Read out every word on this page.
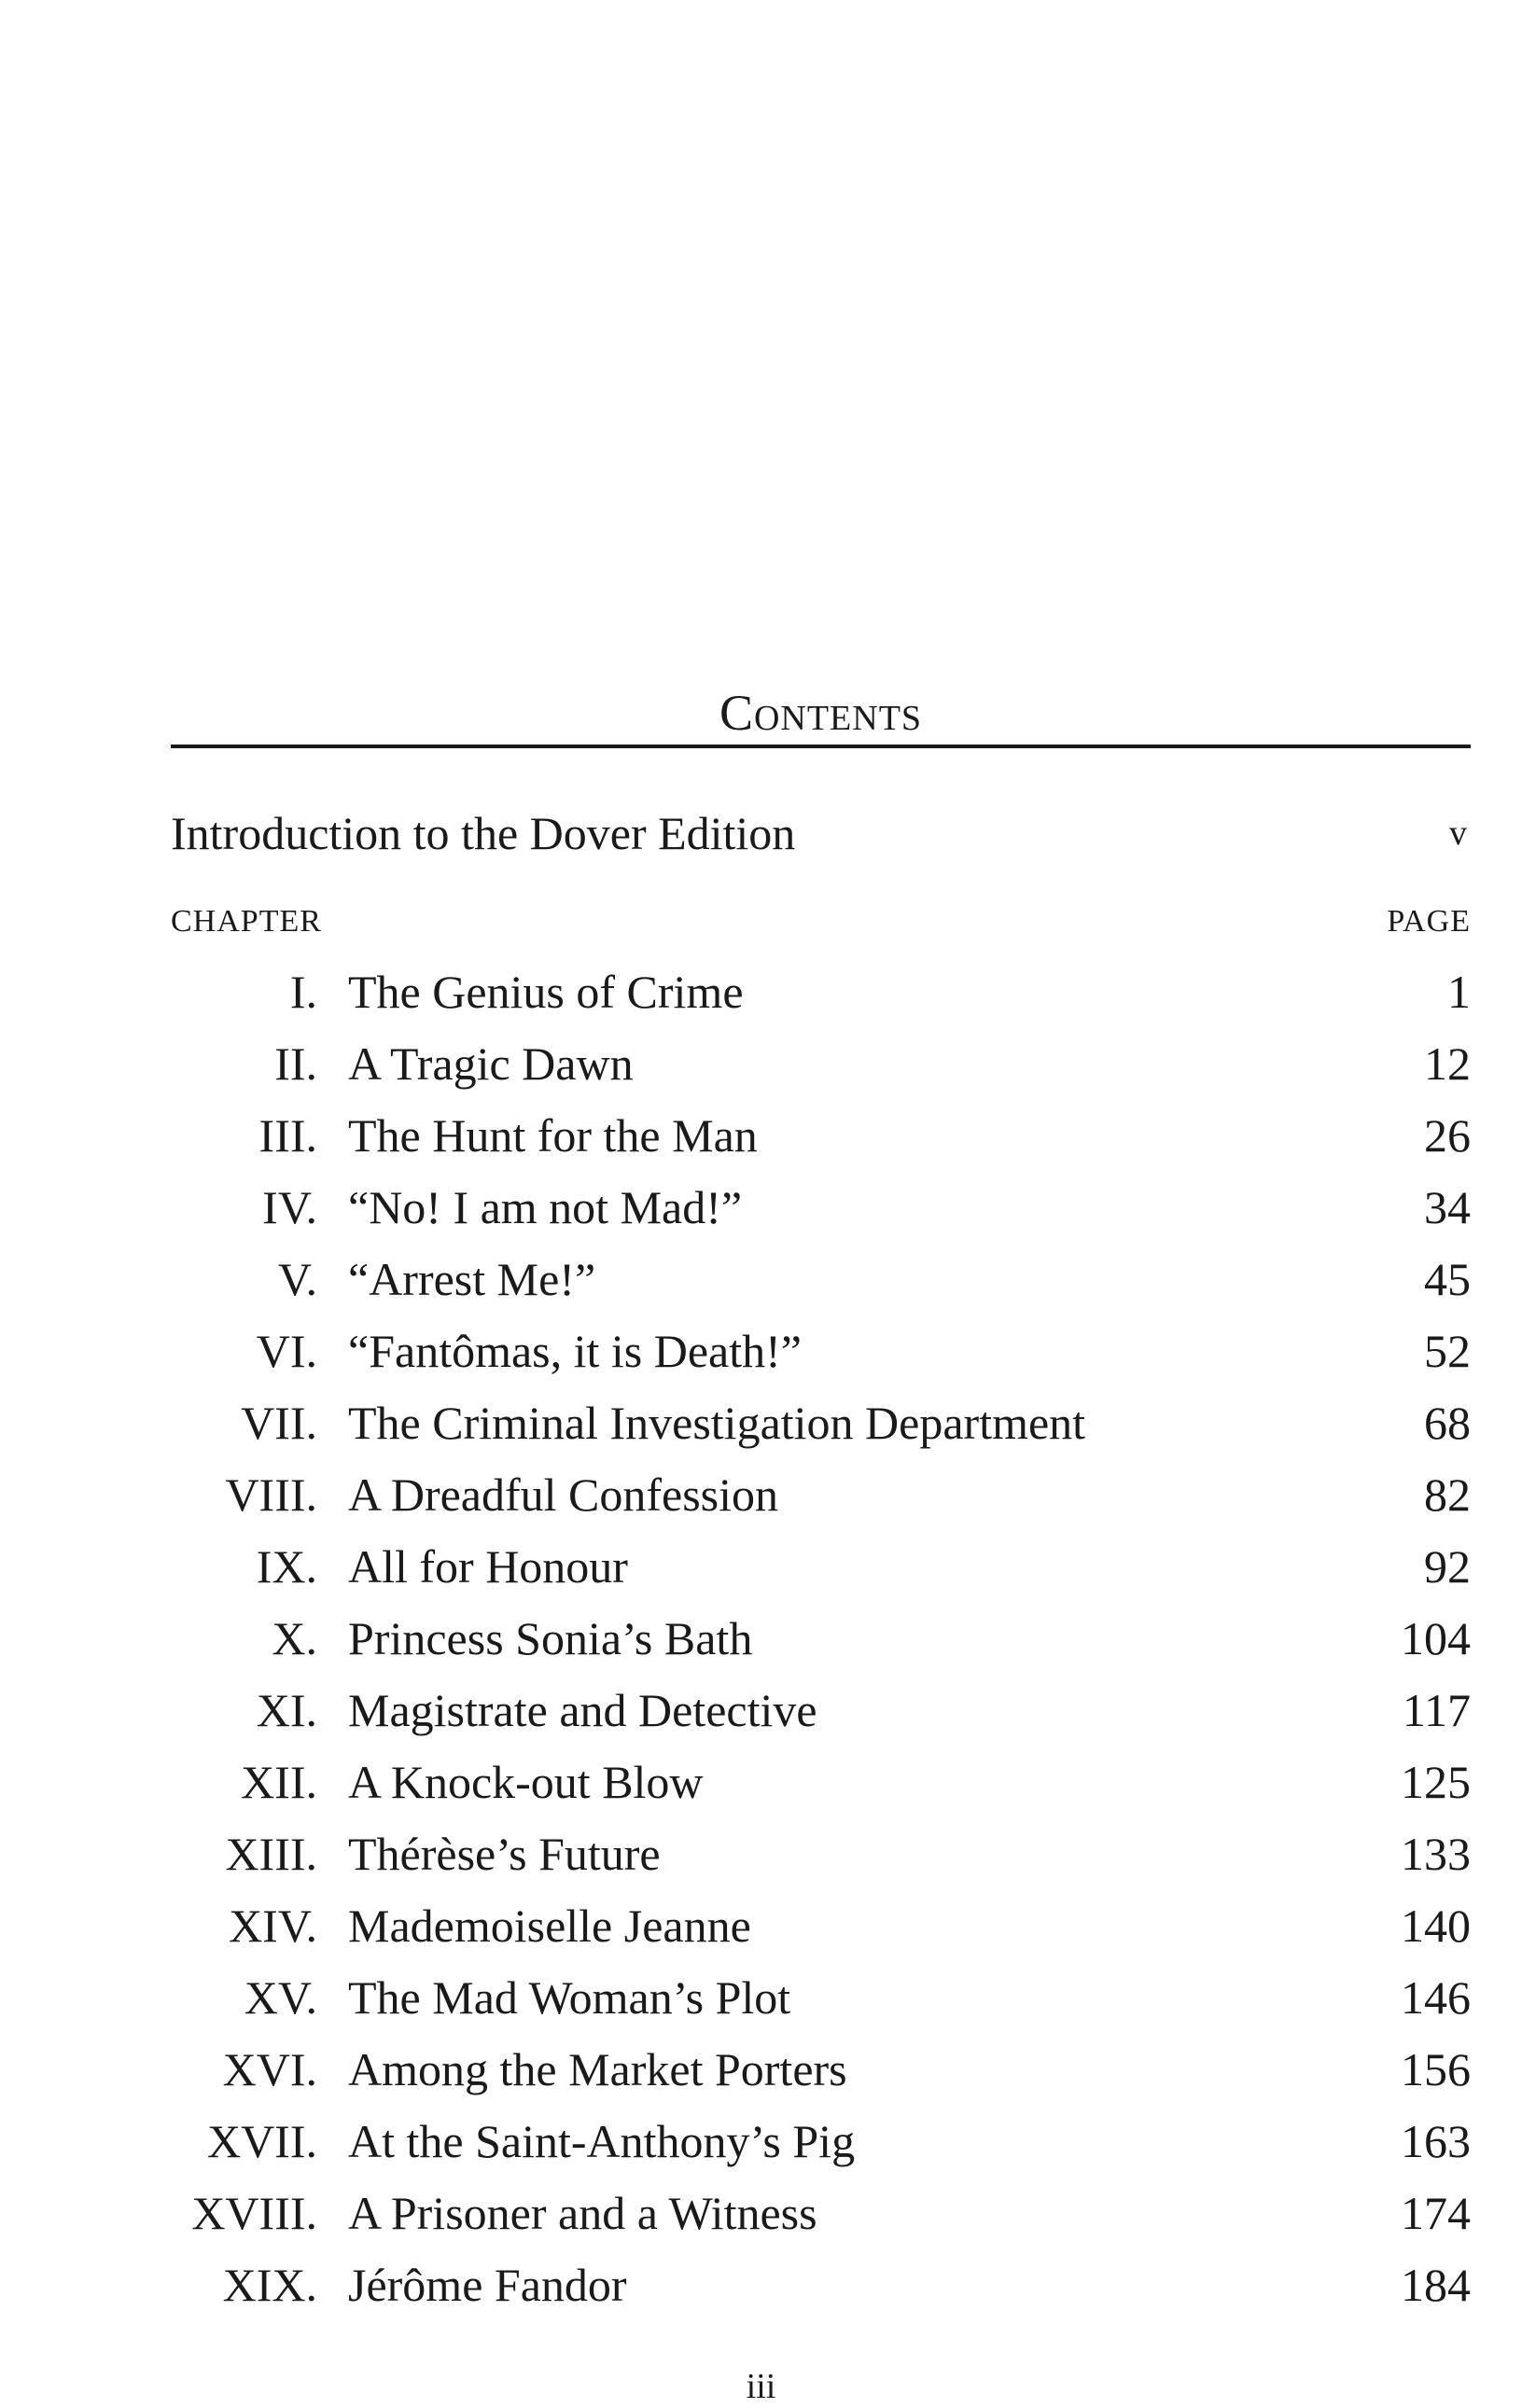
Contents
Introduction to the Dover Edition	v
CHAPTER	PAGE
I. The Genius of Crime	1
II. A Tragic Dawn	12
III. The Hunt for the Man	26
IV. “No! I am not Mad!”	34
V. “Arrest Me!”	45
VI. “Fantômas, it is Death!”	52
VII. The Criminal Investigation Department	68
VIII. A Dreadful Confession	82
IX. All for Honour	92
X. Princess Sonia’s Bath	104
XI. Magistrate and Detective	117
XII. A Knock-out Blow	125
XIII. Thérèse’s Future	133
XIV. Mademoiselle Jeanne	140
XV. The Mad Woman’s Plot	146
XVI. Among the Market Porters	156
XVII. At the Saint-Anthony’s Pig	163
XVIII. A Prisoner and a Witness	174
XIX. Jérôme Fandor	184
iii
